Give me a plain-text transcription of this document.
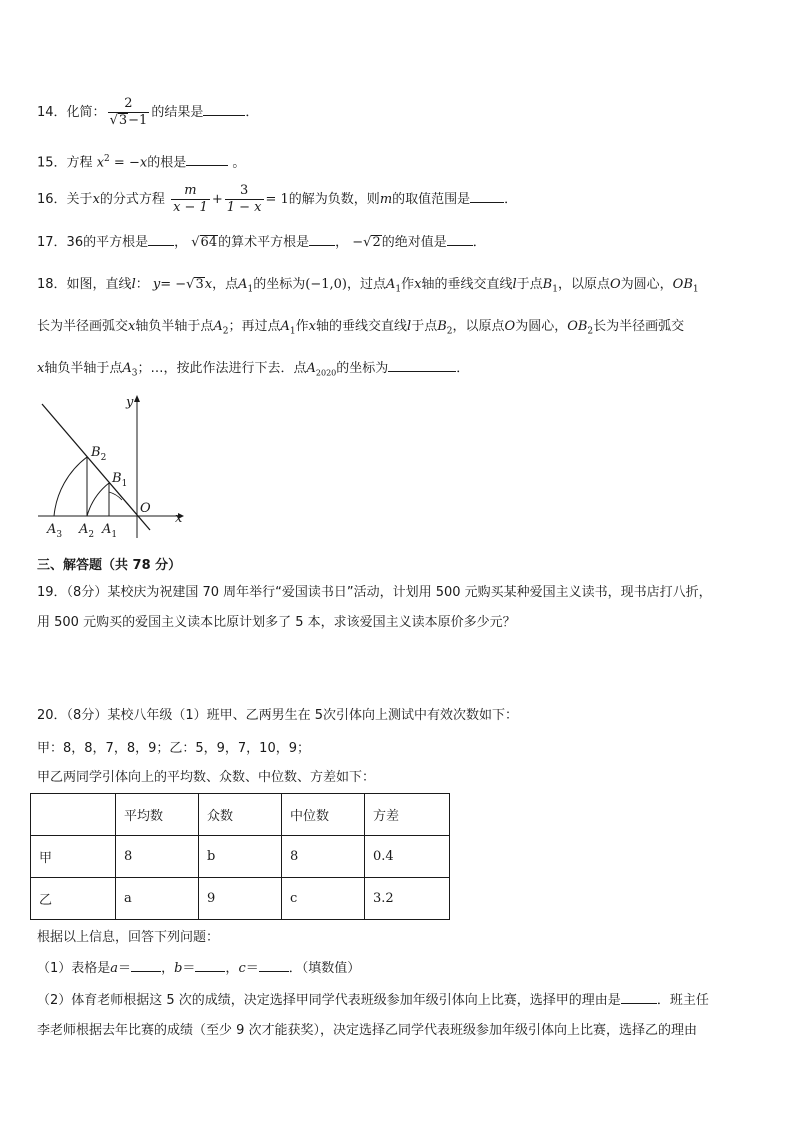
14．化简： $\frac{2}{√3-1}$ 的结果是	．
15．方程 $x^2 = -x$的根是	。
16．关于x的分式方程 $\frac{m}{x - 1} + \frac{3}{1 - x} = 1$的解为负数，则m的取值范围是	．
17．36的平方根是 ， √64的算术平方根是 ， −√2的绝对值是 ．
18．如图，直线l： y= −√3x，点$A_1$的坐标为(−1,0)，过点$A_1$作x轴的垂线交直线l于点$B_1$，以原点O为圆心，$OB_1$
长为半径画弧交x轴负半轴于点$A_2$；再过点$A_1$作x轴的垂线交直线l于点$B_2$，以原点O为圆心，$OB_2$长为半径画弧交
x轴负半轴于点$A_3$；…，按此作法进行下去．点$A_{2020}$的坐标为	．
y
x
O
$B_2$
$B_1$
$A_3$ $A_2$ $A_1$
三、解答题（共 78 分）
19．（8分）某校庆为祝建国 70 周年举行“爱国读书日”活动，计划用 500 元购买某种爱国主义读书，现书店打八折，
用 500 元购买的爱国主义读本比原计划多了 5 本，求该爱国主义读本原价多少元？
20．（8分）某校八年级（1）班甲、乙两男生在 5次引体向上测试中有效次数如下：
甲：8，8，7，8，9；乙：5，9，7，10，9；
甲乙两同学引体向上的平均数、众数、中位数、方差如下：
	平均数	众数	中位数	方差
甲	8	b	8	0.4
乙	a	9	c	3.2
根据以上信息，回答下列问题：
（1）表格是a＝ ，b＝ ，c＝ ．（填数值）
（2）体育老师根据这 5 次的成绩，决定选择甲同学代表班级参加年级引体向上比赛，选择甲的理由是	．班主任
李老师根据去年比赛的成绩（至少 9 次才能获奖），决定选择乙同学代表班级参加年级引体向上比赛，选择乙的理由
